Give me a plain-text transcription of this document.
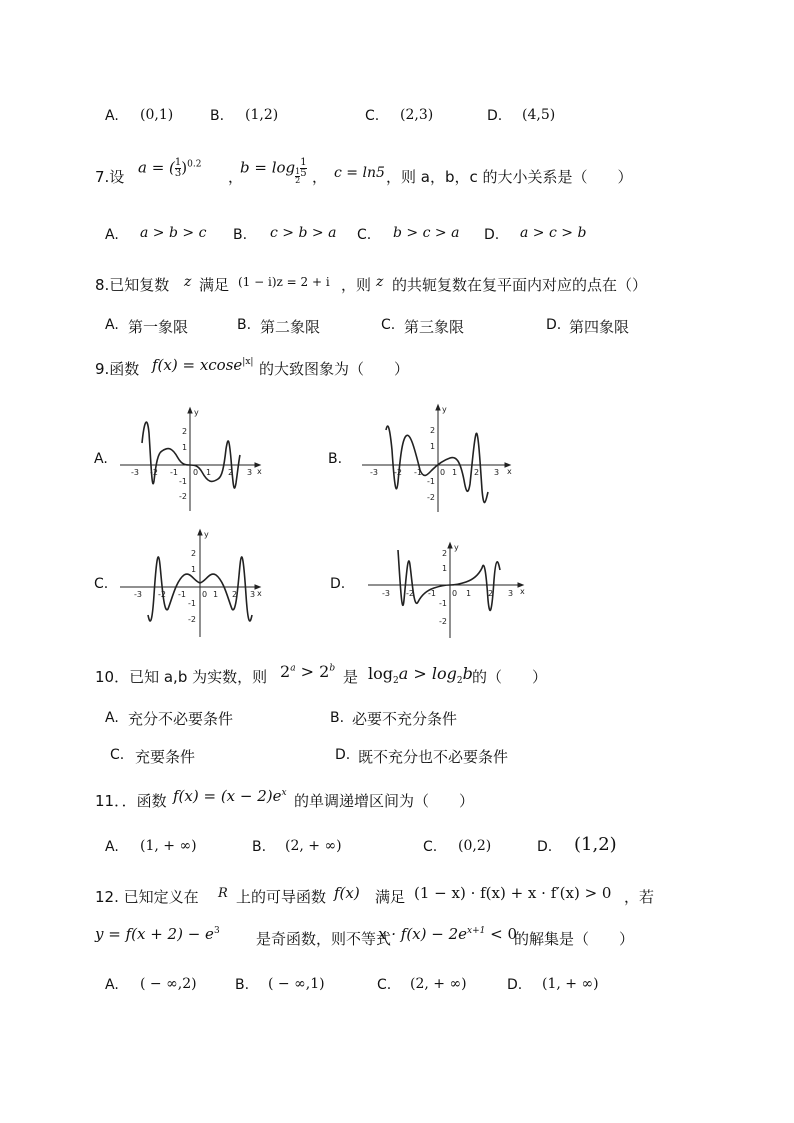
A. (0,1)	B. (1,2)	C. (2,3)	D. (4,5)
7.设
a = ( $\frac{1}{3} )^{0.2}$
，
$b = \log \frac{1}{2} \frac{1}{5}$ ， c = ln5 ，则 a，b，c 的大小关系是（　　）
A. a > b > c B. c > b > a C. b > c > a D. a > c > b
8.已知复数 z 满足 (1 − i)z = 2 + i ，则 z 的共轭复数在复平面内对应的点在（）
A. 第一象限	B. 第二象限	C. 第三象限	D. 第四象限
9.函数 f(x) = xcose$^{|x|}$ 的大致图象为（　　）
A.	B.
C.	D.
-3 -2 -1 0 1 2 3
2
1
-1
-2
x
y
-3 -2 -1 0 1 2 3
2
1
-1
-2
x
y
-3 -2 -1 0 1 2 3
2
1
-1
-2
x
y
-3 -2 -1 0 1 2 3
2
1
-1
-2
x
y
10．已知 a,b 为实数，则 $2^a > 2^b$ 是 $\log_2a > \log_2b$ 的（　　）
A. 充分不必要条件	B. 必要不充分条件
C. 充要条件	D. 既不充分也不必要条件
11．．函数 $f(x) = (x - 2)e^x$ 的单调递增区间为（　　）
A. (1, + ∞)	B. (2, + ∞)	C. (0,2)	D. (1,2)
12. 已知定义在 R 上的可导函数 f(x) 满足 (1 − x) · f(x) + x · f′(x) > 0 ，若
$y = f(x + 2) - e^3$ 是奇函数，则不等式
$x \cdot f(x) - 2e^{x+1} < 0$
的解集是（　　）
A. ( − ∞,2)	B. ( − ∞,1)	C. (2, + ∞)	D. (1, + ∞)
